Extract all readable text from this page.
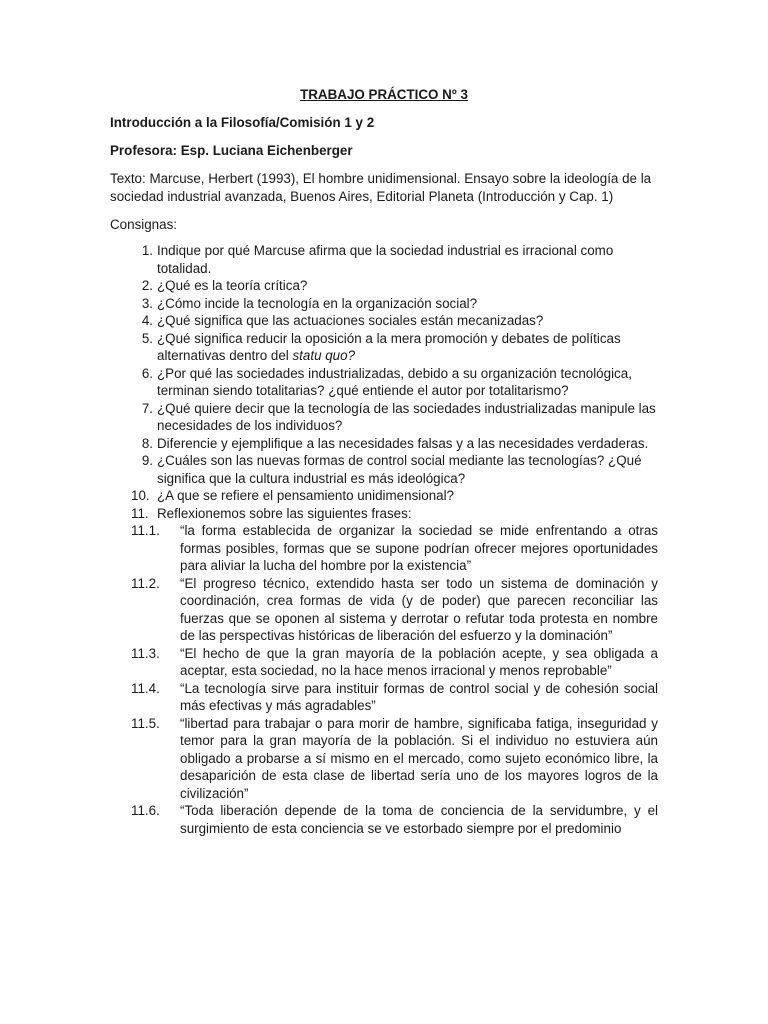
TRABAJO PRÁCTICO Nº 3
Introducción a la Filosofía/Comisión 1 y 2
Profesora: Esp. Luciana Eichenberger
Texto: Marcuse, Herbert (1993), El hombre unidimensional. Ensayo sobre la ideología de la sociedad industrial avanzada, Buenos Aires, Editorial Planeta (Introducción y Cap. 1)
Consignas:
1. Indique por qué Marcuse afirma que la sociedad industrial es irracional como totalidad.
2. ¿Qué es la teoría crítica?
3. ¿Cómo incide la tecnología en la organización social?
4. ¿Qué significa que las actuaciones sociales están mecanizadas?
5. ¿Qué significa reducir la oposición a la mera promoción y debates de políticas alternativas dentro del statu quo?
6. ¿Por qué las sociedades industrializadas, debido a su organización tecnológica, terminan siendo totalitarias? ¿qué entiende el autor por totalitarismo?
7. ¿Qué quiere decir que la tecnología de las sociedades industrializadas manipule las necesidades de los individuos?
8. Diferencie y ejemplifique a las necesidades falsas y a las necesidades verdaderas.
9. ¿Cuáles son las nuevas formas de control social mediante las tecnologías? ¿Qué significa que la cultura industrial es más ideológica?
10. ¿A que se refiere el pensamiento unidimensional?
11. Reflexionemos sobre las siguientes frases:
11.1.	“la forma establecida de organizar la sociedad se mide enfrentando a otras formas posibles, formas que se supone podrían ofrecer mejores oportunidades para aliviar la lucha del hombre por la existencia”
11.2.	“El progreso técnico, extendido hasta ser todo un sistema de dominación y coordinación, crea formas de vida (y de poder) que parecen reconciliar las fuerzas que se oponen al sistema y derrotar o refutar toda protesta en nombre de las perspectivas históricas de liberación del esfuerzo y la dominación”
11.3.	“El hecho de que la gran mayoría de la población acepte, y sea obligada a aceptar, esta sociedad, no la hace menos irracional y menos reprobable”
11.4.	“La tecnología sirve para instituir formas de control social y de cohesión social más efectivas y más agradables”
11.5.	“libertad para trabajar o para morir de hambre, significaba fatiga, inseguridad y temor para la gran mayoría de la población. Si el individuo no estuviera aún obligado a probarse a sí mismo en el mercado, como sujeto económico libre, la desaparición de esta clase de libertad sería uno de los mayores logros de la civilización”
11.6.	“Toda liberación depende de la toma de conciencia de la servidumbre, y el surgimiento de esta conciencia se ve estorbado siempre por el predominio
